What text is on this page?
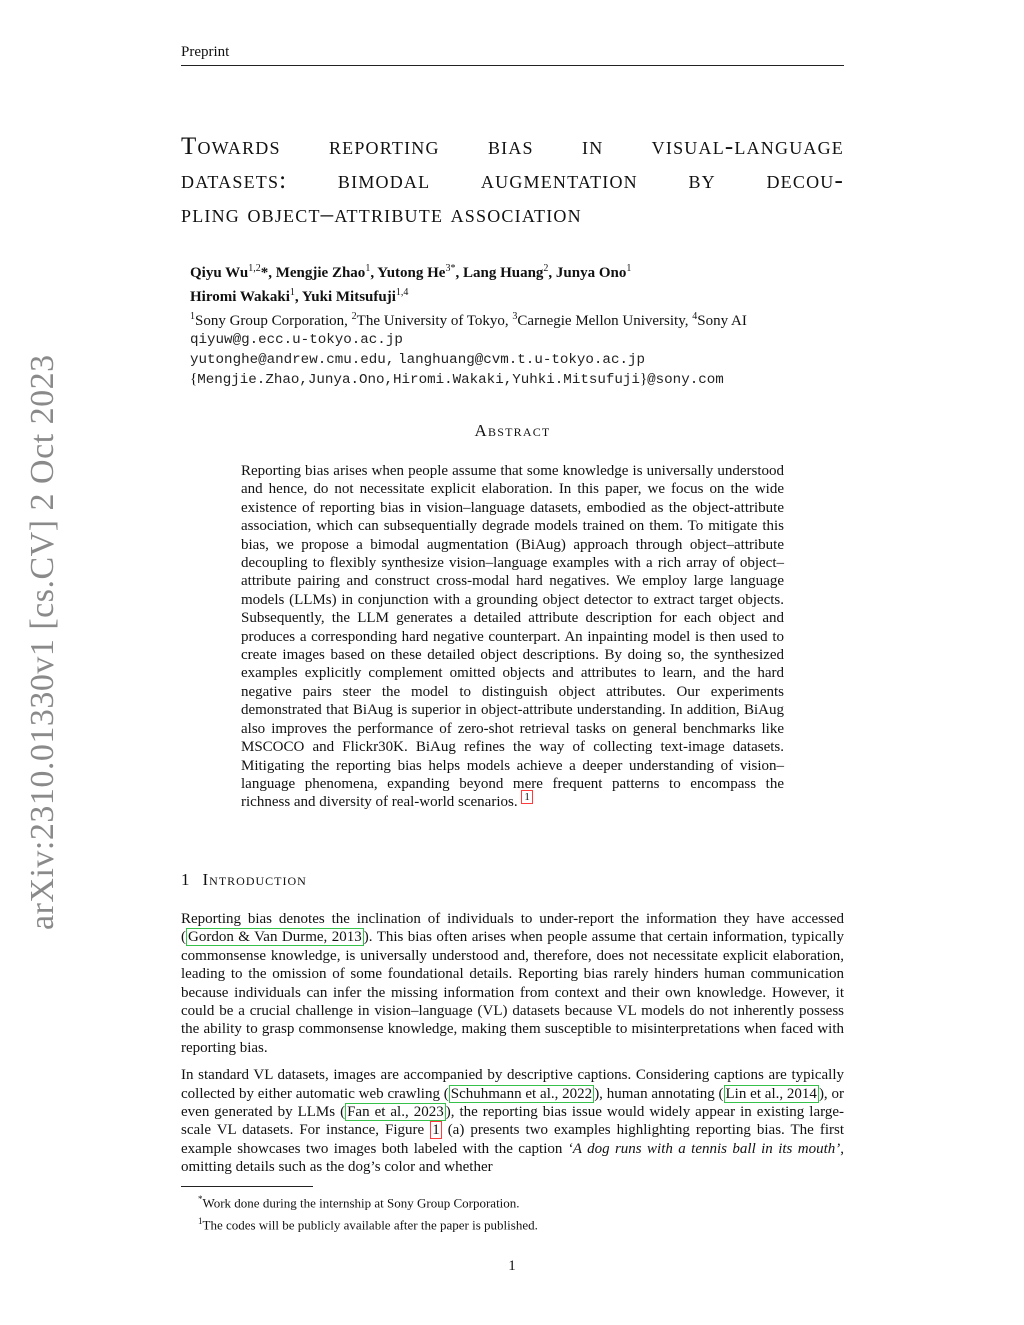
Preprint
arXiv:2310.01330v1 [cs.CV] 2 Oct 2023
Towards reporting bias in visual-language
datasets: bimodal augmentation by decou-
pling object–attribute association
Qiyu Wu$^{1,2}$*, Mengjie Zhao$^1$, Yutong $He^{3*}$, Lang Huang$^2$, Junya Ono$^1$
Hiromi Wakaki$^1$, Yuki Mitsufuji$^{1,4}$
$^1$Sony Group Corporation, $^2$The University of Tokyo, $^3$Carnegie Mellon University, $^4$Sony AI
qiyuw@g.ecc.u-tokyo.ac.jp
yutonghe@andrew.cmu.edu, langhuang@cvm.t.u-tokyo.ac.jp
{Mengjie.Zhao,Junya.Ono,Hiromi.Wakaki,Yuhki.Mitsufuji}@sony.com
Abstract
Reporting bias arises when people assume that some knowledge is universally understood and hence, do not necessitate explicit elaboration. In this paper, we focus on the wide existence of reporting bias in vision–language datasets, embodied as the object-attribute association, which can subsequentially degrade models trained on them. To mitigate this bias, we propose a bimodal augmentation (BiAug) approach through object–attribute decoupling to flexibly synthesize vision–language examples with a rich array of object–attribute pairing and construct cross-modal hard negatives. We employ large language models (LLMs) in conjunction with a grounding object detector to extract target objects. Subsequently, the LLM generates a detailed attribute description for each object and produces a corresponding hard negative counterpart. An inpainting model is then used to create images based on these detailed object descriptions. By doing so, the synthesized examples explicitly complement omitted objects and attributes to learn, and the hard negative pairs steer the model to distinguish object attributes. Our experiments demonstrated that BiAug is superior in object-attribute understanding. In addition, BiAug also improves the performance of zero-shot retrieval tasks on general benchmarks like MSCOCO and Flickr30K. BiAug refines the way of collecting text-image datasets. Mitigating the reporting bias helps models achieve a deeper understanding of vision–language phenomena, expanding beyond mere frequent patterns to encompass the richness and diversity of real-world scenarios. $^1$
1 Introduction

Reporting bias denotes the inclination of individuals to under-report the information they have accessed ( Gordon & Van Durme, 2013 ). This bias often arises when people assume that certain information, typically commonsense knowledge, is universally understood and, therefore, does not necessitate explicit elaboration, leading to the omission of some foundational details. Reporting bias rarely hinders human communication because individuals can infer the missing information from context and their own knowledge. However, it could be a crucial challenge in vision–language (VL) datasets because VL models do not inherently possess the ability to grasp commonsense knowledge, making them susceptible to misinterpretations when faced with reporting bias.

In standard VL datasets, images are accompanied by descriptive captions. Considering captions are typically collected by either automatic web crawling ( Schuhmann et al., 2022 ), human annotating ( Lin et al., 2014 ), or even generated by LLMs ( Fan et al., 2023 ), the reporting bias issue would widely appear in existing large-scale VL datasets. For instance, Figure 1 (a) presents two examples highlighting reporting bias. The first example showcases two images both labeled with the caption ‘A dog runs with a tennis ball in its mouth’, omitting details such as the dog’s color and whether

*Work done during the internship at Sony Group Corporation.
$^1$The codes will be publicly available after the paper is published.
1
